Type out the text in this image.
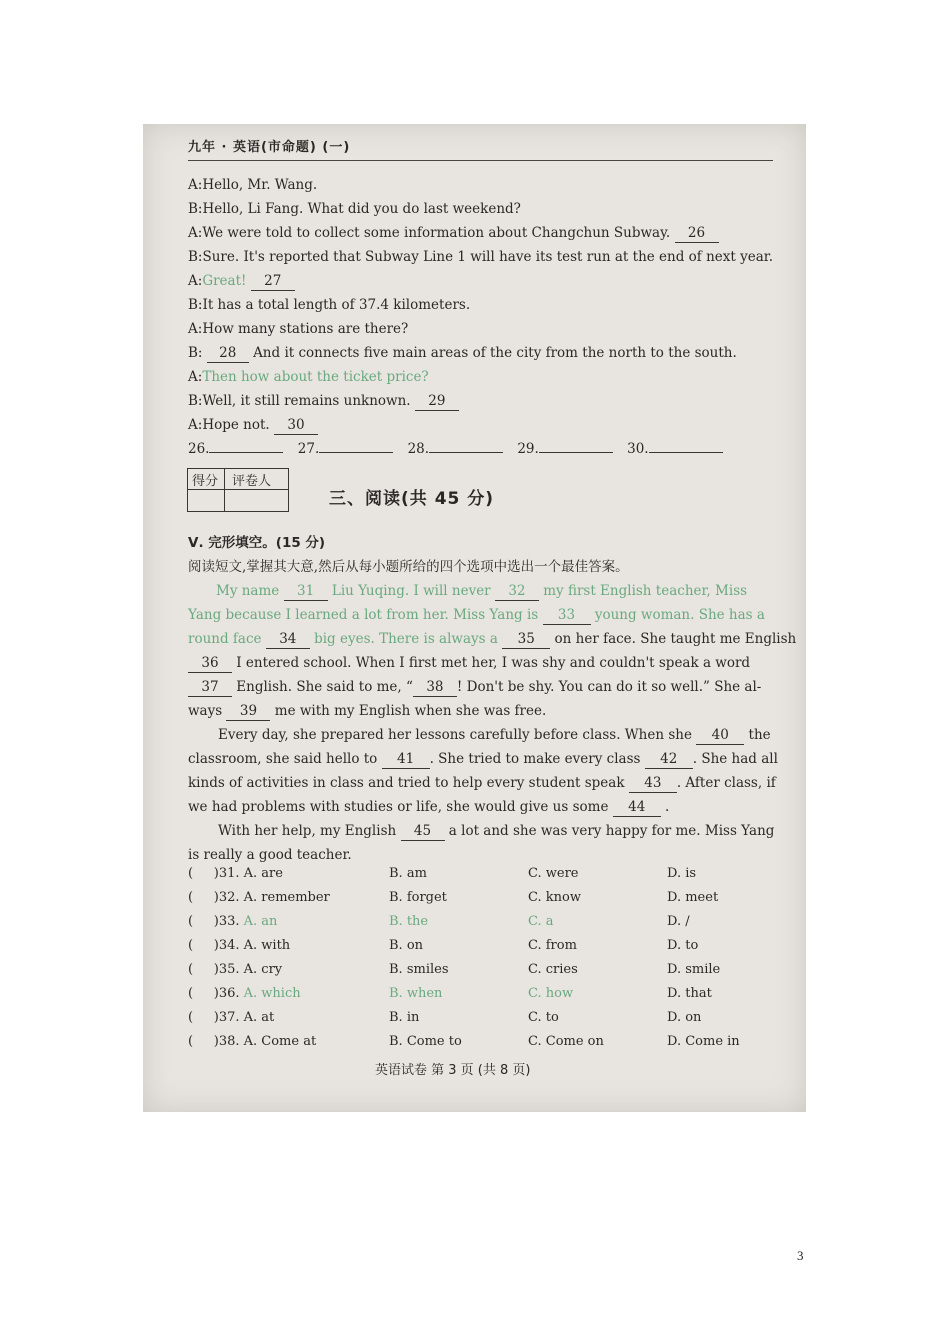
九年 · 英语(市命题) (一)
A:Hello, Mr. Wang.
B:Hello, Li Fang. What did you do last weekend?
A:We were told to collect some information about Changchun Subway. 26
B:Sure. It's reported that Subway Line 1 will have its test run at the end of next year.
A:Great! 27
B:It has a total length of 37.4 kilometers.
A:How many stations are there?
B: 28 And it connects five main areas of the city from the north to the south.
A:Then how about the ticket price?
B:Well, it still remains unknown. 29
A:Hope not. 30
26.	27.	28.	29.	30.
得分 评卷人
三、阅读(共 45 分)
Ⅴ. 完形填空。(15 分)
阅读短文,掌握其大意,然后从每小题所给的四个选项中选出一个最佳答案。
My name 31 Liu Yuqing. I will never 32 my first English teacher, Miss
Yang because I learned a lot from her. Miss Yang is 33 young woman. She has a
round face 34 big eyes. There is always a 35 on her face. She taught me English
36 I entered school. When I first met her, I was shy and couldn't speak a word
37 English. She said to me, “ 38 ! Don't be shy. You can do it so well.” She al-
ways 39 me with my English when she was free.
Every day, she prepared her lessons carefully before class. When she 40 the
classroom, she said hello to 41 . She tried to make every class 42 . She had all
kinds of activities in class and tried to help every student speak 43 . After class, if
we had problems with studies or life, she would give us some 44 .
With her help, my English 45 a lot and she was very happy for me. Miss Yang
is really a good teacher.
(     )31. A. are	B. am	C. were	D. is
(     )32. A. remember	B. forget	C. know	D. meet
(     )33. A. an	B. the	C. a	D. /
(     )34. A. with	B. on	C. from	D. to
(     )35. A. cry	B. smiles	C. cries	D. smile
(     )36. A. which	B. when	C. how	D. that
(     )37. A. at	B. in	C. to	D. on
(     )38. A. Come at	B. Come to	C. Come on	D. Come in
英语试卷 第 3 页 (共 8 页)
3
